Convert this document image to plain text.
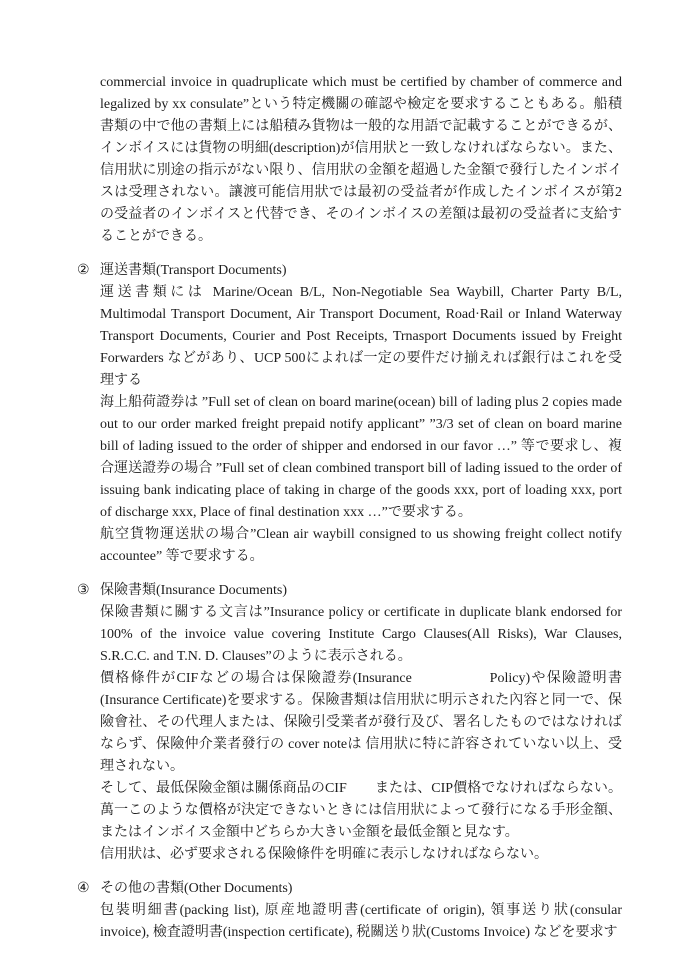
commercial invoice in quadruplicate which must be certified by chamber of commerce and legalized by xx consulate”という特定機關の確認や檢定を要求することもある。船積書類の中で他の書類上には船積み貨物は一般的な用語で記載することができるが、インボイスには貨物の明細(description)が信用狀と一致しなければならない。また、信用狀に別途の指示がない限り、信用狀の金額を超過した金額で發行したインボイスは受理されない。讓渡可能信用狀では最初の受益者が作成したインボイスが第2の受益者のインボイスと代替でき、そのインボイスの差額は最初の受益者に支給することができる。

② 運送書類(Transport Documents)

運送書類には Marine/Ocean B/L, Non-Negotiable Sea Waybill, Charter Party B/L, Multimodal Transport Document, Air Transport Document, Road·Rail or Inland Waterway Transport Documents, Courier and Post Receipts, Trnasport Documents issued by Freight Forwarders などがあり、UCP 500によれば一定の要件だけ揃えれば銀行はこれを受理する

海上船荷證券は ”Full set of clean on board marine(ocean) bill of lading plus 2 copies made out to our order marked freight prepaid notify applicant” ”3/3 set of clean on board marine bill of lading issued to the order of shipper and endorsed in our favor …” 等で要求し、複合運送證券の場合 ”Full set of clean combined transport bill of lading issued to the order of issuing bank indicating place of taking in charge of the goods xxx, port of loading xxx, port of discharge xxx, Place of final destination xxx …”で要求する。

航空貨物運送狀の場合”Clean air waybill consigned to us showing freight collect notify accountee” 等で要求する。

③ 保險書類(Insurance Documents)

保險書類に關する文言は”Insurance policy or certificate in duplicate blank endorsed for 100% of the invoice value covering Institute Cargo Clauses(All Risks), War Clauses, S.R.C.C. and T.N. D. Clauses”のように表示される。

價格條件がCIFなどの場合は保險證券(Insurance　　　　　Policy)や保險證明書(Insurance Certificate)を要求する。保險書類は信用狀に明示された內容と同一で、保險會社、その代理人または、保險引受業者が發行及び、署名したものではなければならず、保險仲介業者發行の cover noteは 信用狀に特に許容されていない以上、受理されない。

そして、最低保險金額は關係商品のCIF　　または、CIP價格でなければならない。萬一このような價格が決定できないときには信用狀によって發行になる手形金額、またはインボイス金額中どちらか大きい金額を最低金額と見なす。

信用狀は、必ず要求される保險條件を明確に表示しなければならない。

④ その他の書類(Other Documents)

包裝明細書(packing list), 原産地證明書(certificate of origin), 領事送り狀(consular invoice), 檢査證明書(inspection certificate), 税關送り狀(Customs Invoice) などを要求す
